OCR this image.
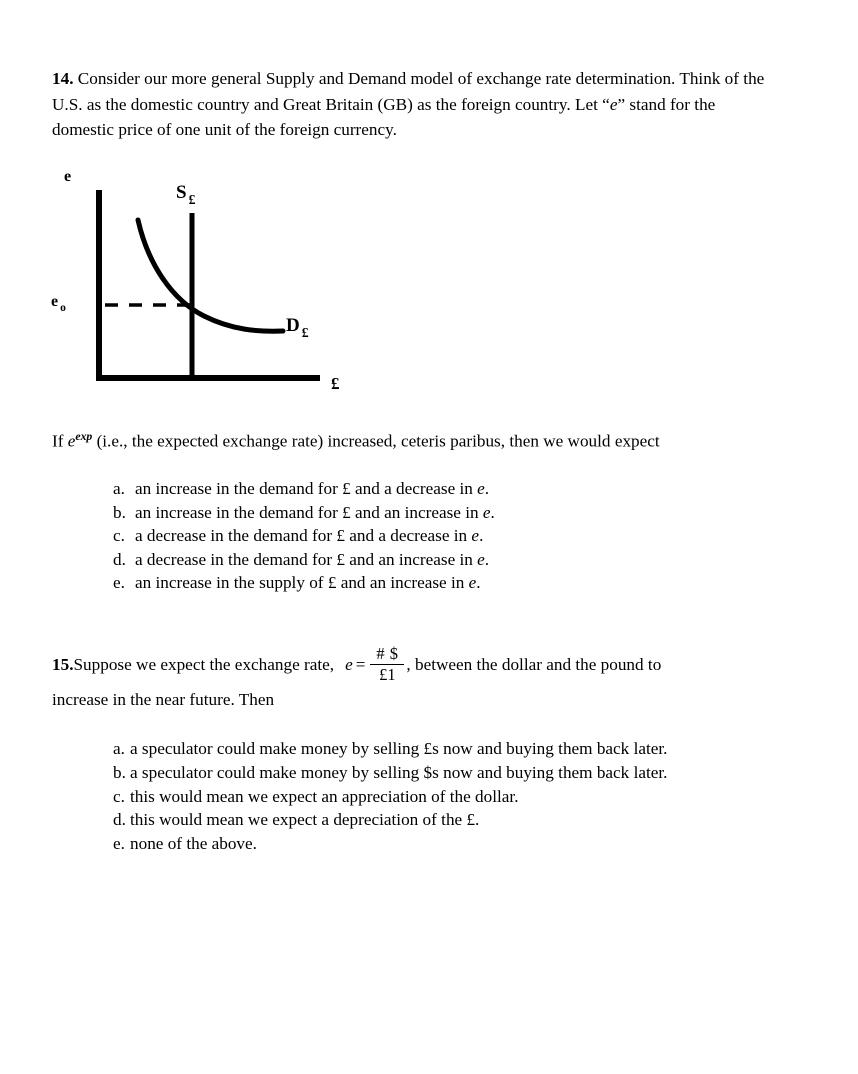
14. Consider our more general Supply and Demand model of exchange rate determination. Think of the U.S. as the domestic country and Great Britain (GB) as the foreign country. Let “e” stand for the domestic price of one unit of the foreign currency.
e
e $_o$
S $_£$
D $_£$
£
If $e^{exp}$ (i.e., the expected exchange rate) increased, ceteris paribus, then we would expect
a. an increase in the demand for £ and a decrease in e.
b. an increase in the demand for £ and an increase in e.
c. a decrease in the demand for £ and a decrease in e.
d. a decrease in the demand for £ and an increase in e.
e. an increase in the supply of £ and an increase in e.
15. Suppose we expect the exchange rate, $e = \frac{\# \$}{£1}$ , between the dollar and the pound to
increase in the near future. Then
a. a speculator could make money by selling £s now and buying them back later.
b. a speculator could make money by selling $s now and buying them back later.
c. this would mean we expect an appreciation of the dollar.
d. this would mean we expect a depreciation of the £.
e. none of the above.
